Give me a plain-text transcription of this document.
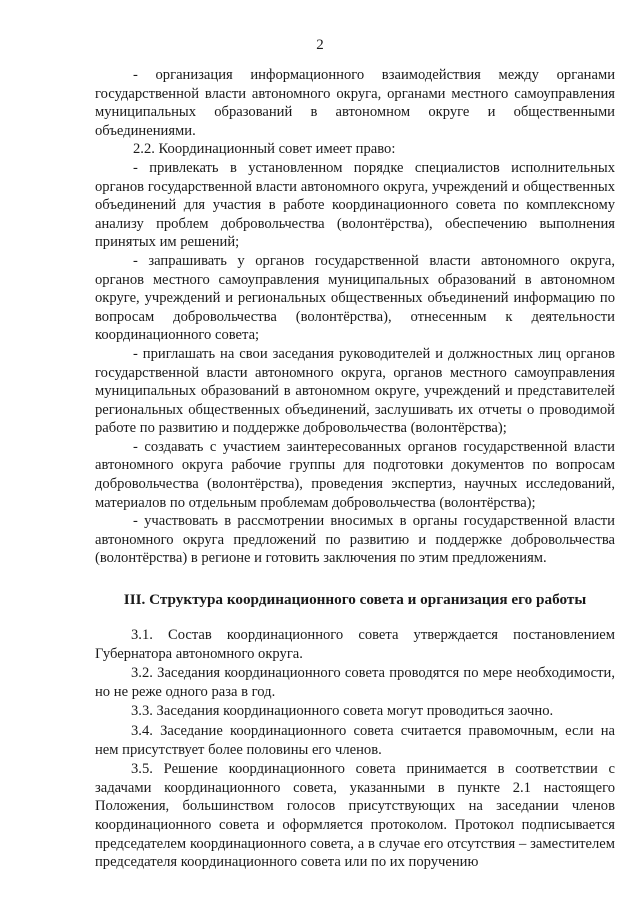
2

- организация информационного взаимодействия между органами государственной власти автономного округа, органами местного самоуправления муниципальных образований в автономном округе и общественными объединениями.

2.2. Координационный совет имеет право:

- привлекать в установленном порядке специалистов исполнительных органов государственной власти автономного округа, учреждений и общественных объединений для участия в работе координационного совета по комплексному анализу проблем добровольчества (волонтёрства), обеспечению выполнения принятых им решений;

- запрашивать у органов государственной власти автономного округа, органов местного самоуправления муниципальных образований в автономном округе, учреждений и региональных общественных объединений информацию по вопросам добровольчества (волонтёрства), отнесенным к деятельности координационного совета;

- приглашать на свои заседания руководителей и должностных лиц органов государственной власти автономного округа, органов местного самоуправления муниципальных образований в автономном округе, учреждений и представителей региональных общественных объединений, заслушивать их отчеты о проводимой работе по развитию и поддержке добровольчества (волонтёрства);

- создавать с участием заинтересованных органов государственной власти автономного округа рабочие группы для подготовки документов по вопросам добровольчества (волонтёрства), проведения экспертиз, научных исследований, материалов по отдельным проблемам добровольчества (волонтёрства);

- участвовать в рассмотрении вносимых в органы государственной власти автономного округа предложений по развитию и поддержке добровольчества (волонтёрства) в регионе и готовить заключения по этим предложениям.

III. Структура координационного совета и организация его работы

3.1. Состав координационного совета утверждается постановлением Губернатора автономного округа.

3.2. Заседания координационного совета проводятся по мере необходимости, но не реже одного раза в год.

3.3. Заседания координационного совета могут проводиться заочно.

3.4. Заседание координационного совета считается правомочным, если на нем присутствует более половины его членов.

3.5. Решение координационного совета принимается в соответствии с задачами координационного совета, указанными в пункте 2.1 настоящего Положения, большинством голосов присутствующих на заседании членов координационного совета и оформляется протоколом. Протокол подписывается председателем координационного совета, а в случае его отсутствия – заместителем председателя координационного совета или по их поручению
